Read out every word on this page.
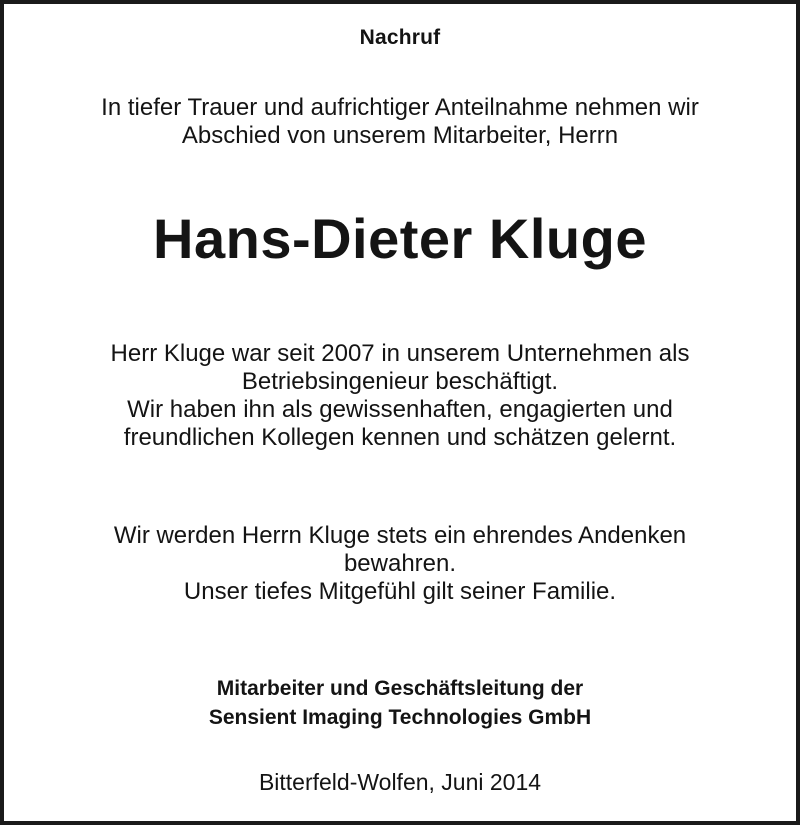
Nachruf

In tiefer Trauer und aufrichtiger Anteilnahme nehmen wir

Abschied von unserem Mitarbeiter, Herrn

Hans-Dieter Kluge

Herr Kluge war seit 2007 in unserem Unternehmen als

Betriebsingenieur beschäftigt.

Wir haben ihn als gewissenhaften, engagierten und

freundlichen Kollegen kennen und schätzen gelernt.

Wir werden Herrn Kluge stets ein ehrendes Andenken

bewahren.

Unser tiefes Mitgefühl gilt seiner Familie.

Mitarbeiter und Geschäftsleitung der

Sensient Imaging Technologies GmbH

Bitterfeld-Wolfen, Juni 2014
